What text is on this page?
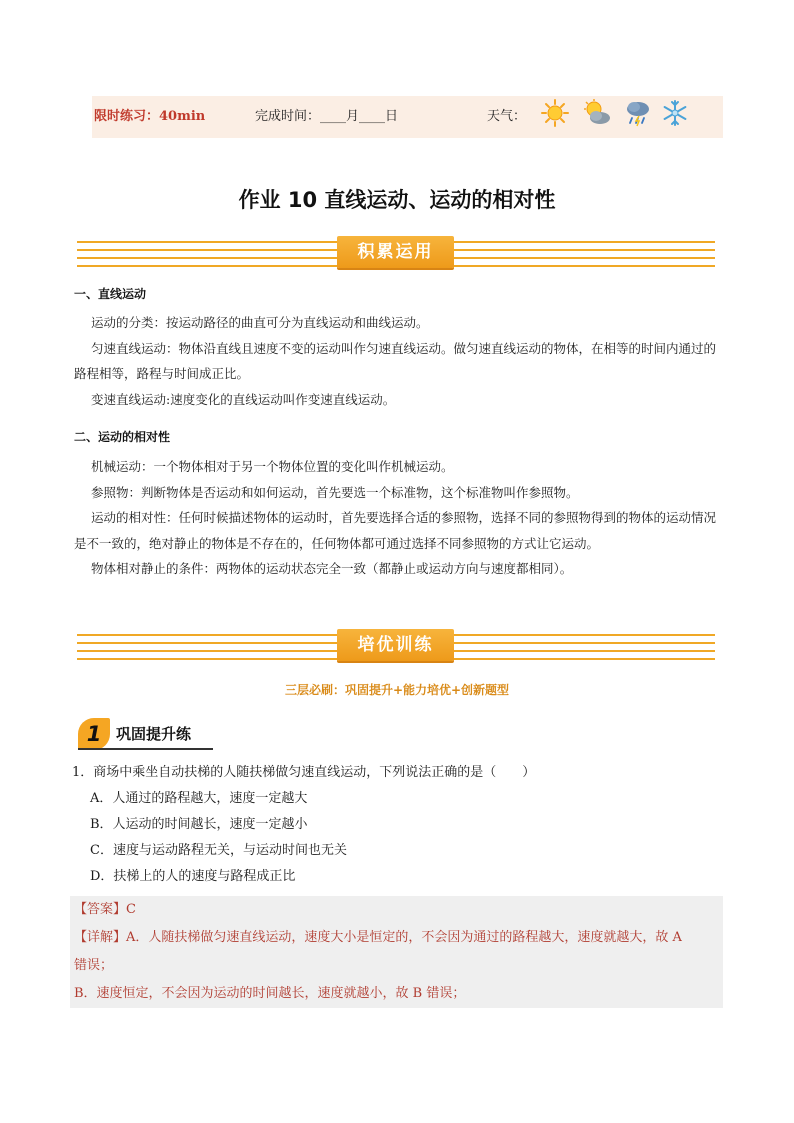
限时练习：40min	完成时间：____月____日	天气：
作业 10 直线运动、运动的相对性
积累运用
一、直线运动

运动的分类：按运动路径的曲直可分为直线运动和曲线运动。

匀速直线运动：物体沿直线且速度不变的运动叫作匀速直线运动。做匀速直线运动的物体，在相等的时间内通过的路程相等，路程与时间成正比。

变速直线运动:速度变化的直线运动叫作变速直线运动。

二、运动的相对性

机械运动：一个物体相对于另一个物体位置的变化叫作机械运动。

参照物：判断物体是否运动和如何运动，首先要选一个标准物，这个标准物叫作参照物。

运动的相对性：任何时候描述物体的运动时，首先要选择合适的参照物，选择不同的参照物得到的物体的运动情况是不一致的，绝对静止的物体是不存在的，任何物体都可通过选择不同参照物的方式让它运动。

物体相对静止的条件：两物体的运动状态完全一致（都静止或运动方向与速度都相同）。

培优训练
三层必刷：巩固提升+能力培优+创新题型
1 巩固提升练
1．商场中乘坐自动扶梯的人随扶梯做匀速直线运动，下列说法正确的是（　　）
A．人通过的路程越大，速度一定越大
B．人运动的时间越长，速度一定越小
C．速度与运动路程无关，与运动时间也无关
D．扶梯上的人的速度与路程成正比
【答案】C
【详解】A．人随扶梯做匀速直线运动，速度大小是恒定的，不会因为通过的路程越大，速度就越大，故 A
错误；
B．速度恒定，不会因为运动的时间越长，速度就越小，故 B 错误；
